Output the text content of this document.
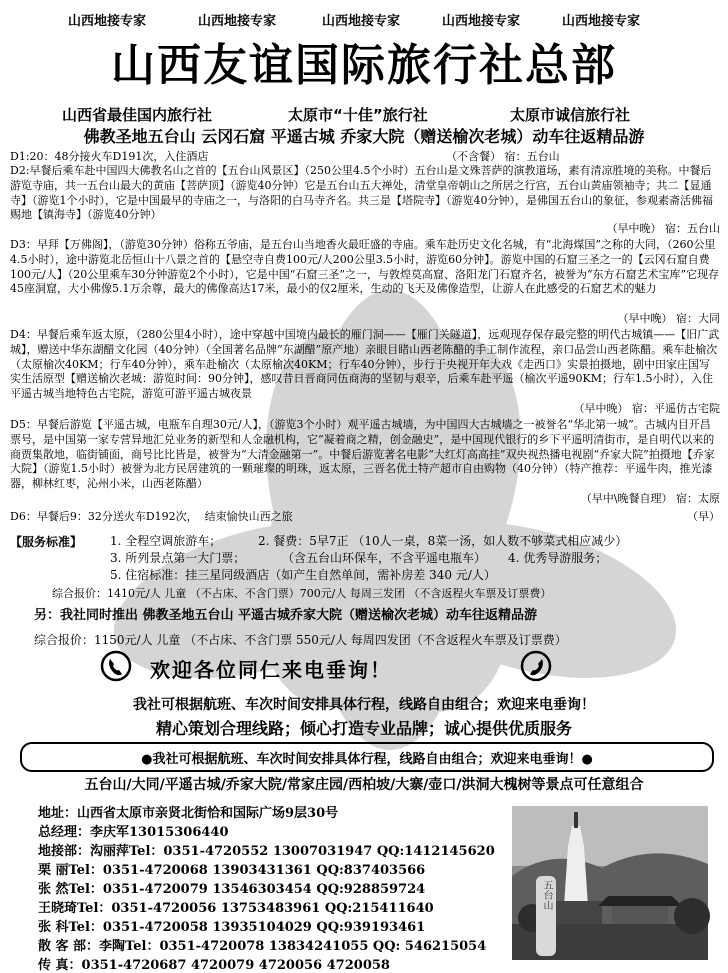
山西地接专家	山西地接专家	山西地接专家	山西地接专家	山西地接专家
山西友谊国际旅行社总部
山西省最佳国内旅行社	太原市“十佳”旅行社	太原市诚信旅行社
佛教圣地五台山 云冈石窟 平遥古城 乔家大院（赠送榆次老城）动车往返精品游
D1:20：48分接火车D191次，入住酒店                                                                    （不含餐） 宿：五台山
D2:早餐后乘车赴中国四大佛教名山之首的【五台山风景区】（250公里4.5个小时）五台山是文殊菩萨的演教道场，素有清凉胜境的美称。中餐后游览寺庙，共一五台山最大的黄庙【菩萨顶】（游览40分钟）它是五台山五大禅处，清堂皇帝朝山之所居之行宫，五台山黄庙领袖寺；共二【显通寺】（游览1个小时），它是中国最早的寺庙之一，与洛阳的白马寺齐名。共三是【塔院寺】（游览40分钟），是佛国五台山的象征，参观素斋活佛福赐地【镇海寺】（游览40分钟）
（早中晚） 宿：五台山
D3：早拜【万佛阁】，（游览30分钟）俗称五爷庙，是五台山当地香火最旺盛的寺庙。乘车赴历史文化名城，有“北海煤国”之称的大同，（260公里4.5小时），途中游览北岳恒山十八景之首的【悬空寺自费100元/人200公里3.5小时，游览60分钟】。游览中国的石窟三圣之一的【云冈石窟自费100元/人】（20公里乘车30分钟游览2个小时），它是中国“石窟三圣”之一，与敦煌莫高窟、洛阳龙门石窟齐名，被誉为“东方石窟艺术宝库”它现存45座洞窟，大小佛像5.1万余尊，最大的佛像高达17米，最小的仅2厘米，生动的飞天及佛像造型，让游人在此感受的石窟艺术的魅力
（早中晚） 宿：大同
D4：早餐后乘车返太原，（280公里4小时），途中穿越中国境内最长的雁门洞——【雁门关隧道】，远观现存保存最完整的明代古城镇——【旧广武城】，赠送中华东湖醋文化园（40分钟）（全国著名品牌“东湖醋”原产地）亲眼目睹山西老陈醋的手工制作流程，亲口品尝山西老陈醋。乘车赴榆次（太原榆次40KM；行车40分钟），乘车赴榆次（太原榆次40KM；行车40分钟），步行于央视开年大戏《走西口》实景拍摄地，剧中田家庄国写实生活原型【赠送榆次老城：游览时间：90分钟】，感叹昔日晋商同伍商海的坚韧与艰辛，后乘车赴平遥（榆次平遥90KM；行车1.5小时），入住平遥古城当地特色古宅院，游览可游平遥古城夜景
（早中晚） 宿：平遥仿古宅院
D5：早餐后游览【平遥古城，电瓶车自理30元/人】，（游览3个小时）观平遥古城墙，为中国四大古城墙之一被誉名“华北第一城”。古城内目开昌票号，是中国第一家专营异地汇兑业务的新型和人金融机构，它“凝着商之精，创金融史”，是中国现代银行的乡下平遥明清街市，是自明代以来的商贾集散地，临街铺面，商号比比皆是，被誉为“大清金融第一”。中餐后游览著名电影“大红灯高高挂”双央视热播电视剧“乔家大院”拍摄地【乔家大院】（游览1.5小时）被誉为北方民居建筑的一颗璀璨的明珠，返太原，三晋名优土特产超市自由购物（40分钟）（特产推荐：平遥牛肉，推光漆器，柳林红枣，沁州小米，山西老陈醋）
（早中\晚餐自理） 宿：太原
D6：早餐后9：32分送火车D192次，  结束愉快山西之旅	（早）
【服务标准】 1. 全程空调旅游车；	2. 餐费：5早7正 （10人一桌，8菜一汤，如人数不够菜式相应减少）
3. 所列景点第一大门票；	（含五台山环保车，不含平遥电瓶车） 4. 优秀导游服务；
5. 住宿标准：挂三星同级酒店（如产生自然单间，需补房差 340 元/人）
综合报价：1410元/人 儿童 （不占床、不含门票）700元/人 每周三发团 （不含返程火车票及订票费）
另：我社同时推出 佛教圣地五台山 平遥古城乔家大院（赠送榆次老城）动车往返精品游
综合报价：1150元/人 儿童 （不占床、不含门票 550元/人 每周四发团（不含返程火车票及订票费）
欢迎各位同仁来电垂询！
我社可根据航班、车次时间安排具体行程，线路自由组合；欢迎来电垂询！
精心策划合理线路；倾心打造专业品牌；诚心提供优质服务
●我社可根据航班、车次时间安排具体行程，线路自由组合；欢迎来电垂询！●
五台山/大同/平遥古城/乔家大院/常家庄园/西柏坡/大寨/壶口/洪洞大槐树等景点可任意组合
地址：山西省太原市亲贤北街恰和国际广场9层30号
总经理：李庆军13015306440
地接部：沟丽萍Tel：0351-4720552 13007031947 QQ:1412145620
栗 丽Tel：0351-4720068 13903431361 QQ:837403566
张 然Tel：0351-4720079 13546303454 QQ:928859724
王晓琦Tel：0351-4720056 13753483961 QQ:215411640
张 科Tel：0351-4720058 13935104029 QQ:939193461
散 客 部：李陶Tel：0351-4720078 13834241055 QQ: 546215054
传 真：0351-4720687 4720079 4720056 4720058
五台山
